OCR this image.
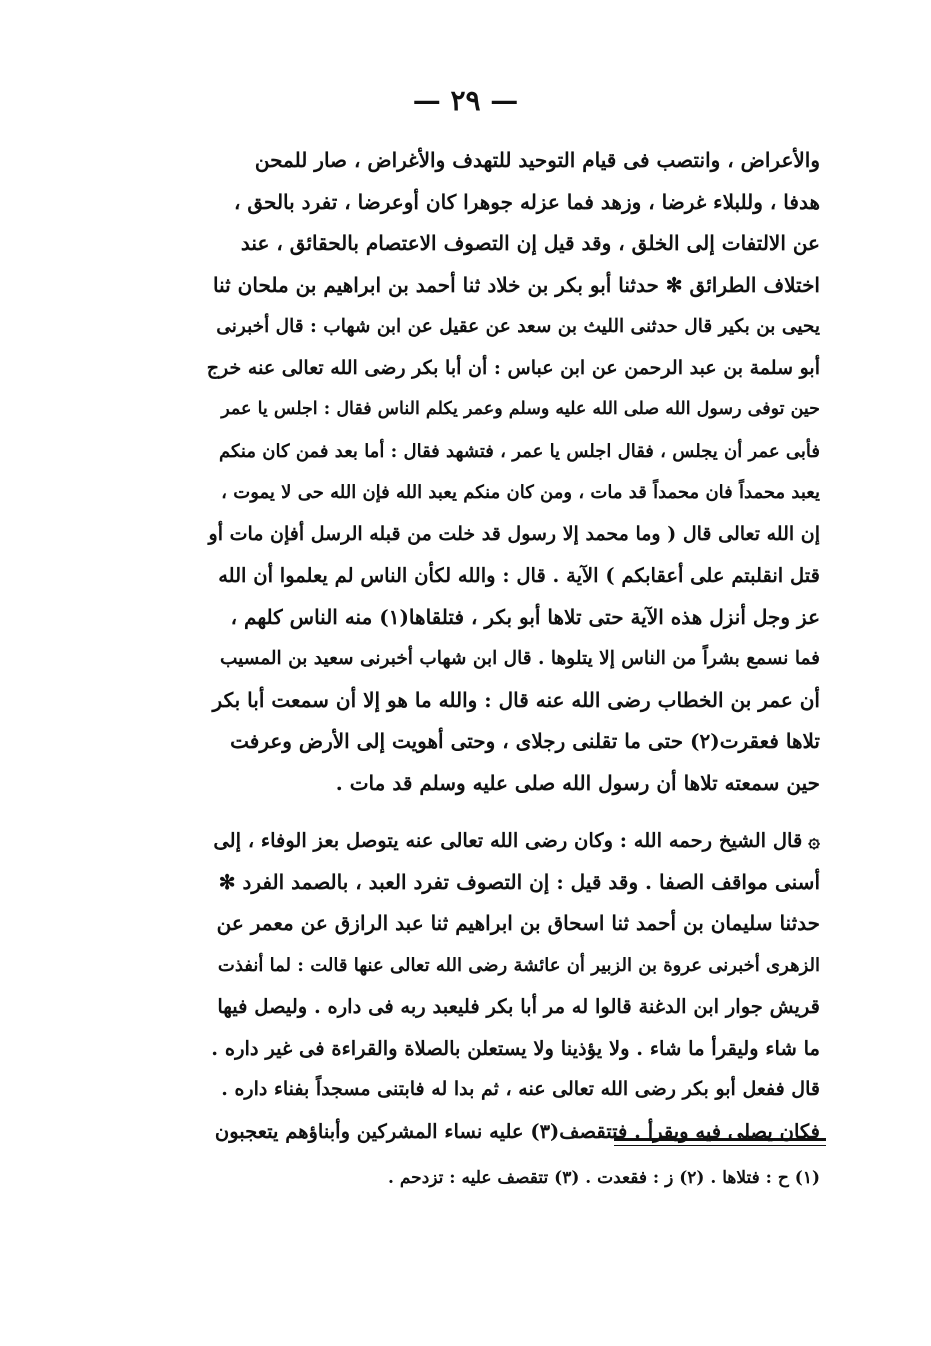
— ٢٩ —
والأعراض ، وانتصب فى قيام التوحيد للتهدف والأغراض ، صار للمحن
هدفا ، وللبلاء غرضا ، وزهد فما عزله جوهرا كان أوعرضا ، تفرد بالحق ،
عن الالتفات إلى الخلق ، وقد قيل إن التصوف الاعتصام بالحقائق ، عند
اختلاف الطرائق ✻ حدثنا أبو بكر بن خلاد ثنا أحمد بن ابراهيم بن ملحان ثنا
يحيى بن بكير قال حدثنى الليث بن سعد عن عقيل عن ابن شهاب : قال أخبرنى
أبو سلمة بن عبد الرحمن عن ابن عباس : أن أبا بكر رضى الله تعالى عنه خرج
حين توفى رسول الله صلى الله عليه وسلم وعمر يكلم الناس فقال : اجلس يا عمر
فأبى عمر أن يجلس ، فقال اجلس يا عمر ، فتشهد فقال : أما بعد فمن كان منكم
يعبد محمداً فان محمداً قد مات ، ومن كان منكم يعبد الله فإن الله حى لا يموت ،
إن الله تعالى قال ( وما محمد إلا رسول قد خلت من قبله الرسل أفإن مات أو
قتل انقلبتم على أعقابكم ) الآية . قال : والله لكأن الناس لم يعلموا أن الله
عز وجل أنزل هذه الآية حتى تلاها أبو بكر ، فتلقاها(١) منه الناس كلهم ،
فما نسمع بشراً من الناس إلا يتلوها . قال ابن شهاب أخبرنى سعيد بن المسيب
أن عمر بن الخطاب رضى الله عنه قال : والله ما هو إلا أن سمعت أبا بكر
تلاها فعقرت(٢) حتى ما تقلنى رجلاى ، وحتى أهويت إلى الأرض وعرفت
حين سمعته تلاها أن رسول الله صلى عليه وسلم قد مات .
۞قال الشيخ رحمه الله : وكان رضى الله تعالى عنه يتوصل بعز الوفاء ، إلى
أسنى مواقف الصفا . وقد قيل : إن التصوف تفرد العبد ، بالصمد الفرد ✻
حدثنا سليمان بن أحمد ثنا اسحاق بن ابراهيم ثنا عبد الرازق عن معمر عن
الزهرى أخبرنى عروة بن الزبير أن عائشة رضى الله تعالى عنها قالت : لما أنفذت
قريش جوار ابن الدغنة قالوا له مر أبا بكر فليعبد ربه فى داره . وليصل فيها
ما شاء وليقرأ ما شاء . ولا يؤذينا ولا يستعلن بالصلاة والقراءة فى غير داره .
قال ففعل أبو بكر رضى الله تعالى عنه ، ثم بدا له فابتنى مسجداً بفناء داره .
فكان يصلى فيه ويقرأ . فتتقصف(٣) عليه نساء المشركين وأبناؤهم يتعجبون
(١) ح : فتلاها . (٢) ز : فقعدت . (٣) تتقصف عليه : تزدحم .
